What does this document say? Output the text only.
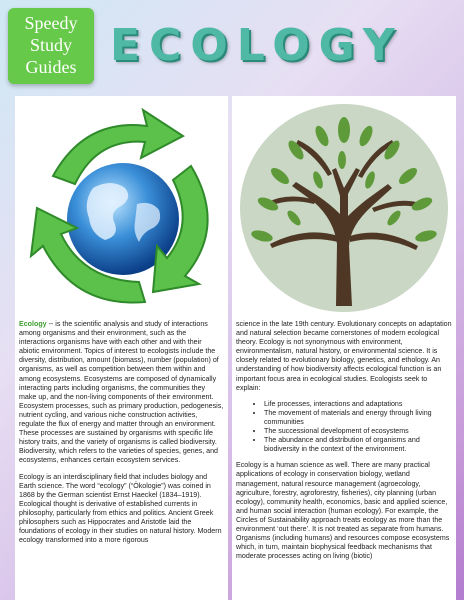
Speedy
Study
Guides ECOLOGY

Ecology -- is the scientific analysis and study of interactions among organisms and their environment, such as the interactions organisms have with each other and with their abiotic environment. Topics of interest to ecologists include the diversity, distribution, amount (biomass), number (population) of organisms, as well as competition between them within and among ecosystems. Ecosystems are composed of dynamically interacting parts including organisms, the communities they make up, and the non-living components of their environment. Ecosystem processes, such as primary production, pedogenesis, nutrient cycling, and various niche construction activities, regulate the flux of energy and matter through an environment. These processes are sustained by organisms with specific life history traits, and the variety of organisms is called biodiversity. Biodiversity, which refers to the varieties of species, genes, and ecosystems, enhances certain ecosystem services.

Ecology is an interdisciplinary field that includes biology and Earth science. The word “ecology” (“Ökologie”) was coined in 1868 by the German scientist Ernst Haeckel (1834–1919). Ecological thought is derivative of established currents in philosophy, particularly from ethics and politics. Ancient Greek philosophers such as Hippocrates and Aristotle laid the foundations of ecology in their studies on natural history. Modern ecology transformed into a more rigorous

science in the late 19th century. Evolutionary concepts on adaptation and natural selection became cornerstones of modern ecological theory. Ecology is not synonymous with environment, environmentalism, natural history, or environmental science. It is closely related to evolutionary biology, genetics, and ethology. An understanding of how biodiversity affects ecological function is an important focus area in ecological studies. Ecologists seek to explain:

• Life processes, interactions and adaptations
• The movement of materials and energy through living communities
• The successional development of ecosystems
• The abundance and distribution of organisms and biodiversity in the context of the environment.

Ecology is a human science as well. There are many practical applications of ecology in conservation biology, wetland management, natural resource management (agroecology, agriculture, forestry, agroforestry, fisheries), city planning (urban ecology), community health, economics, basic and applied science, and human social interaction (human ecology). For example, the Circles of Sustainability approach treats ecology as more than the environment ‘out there’. It is not treated as separate from humans. Organisms (including humans) and resources compose ecosystems which, in turn, maintain biophysical feedback mechanisms that moderate processes acting on living (biotic)
